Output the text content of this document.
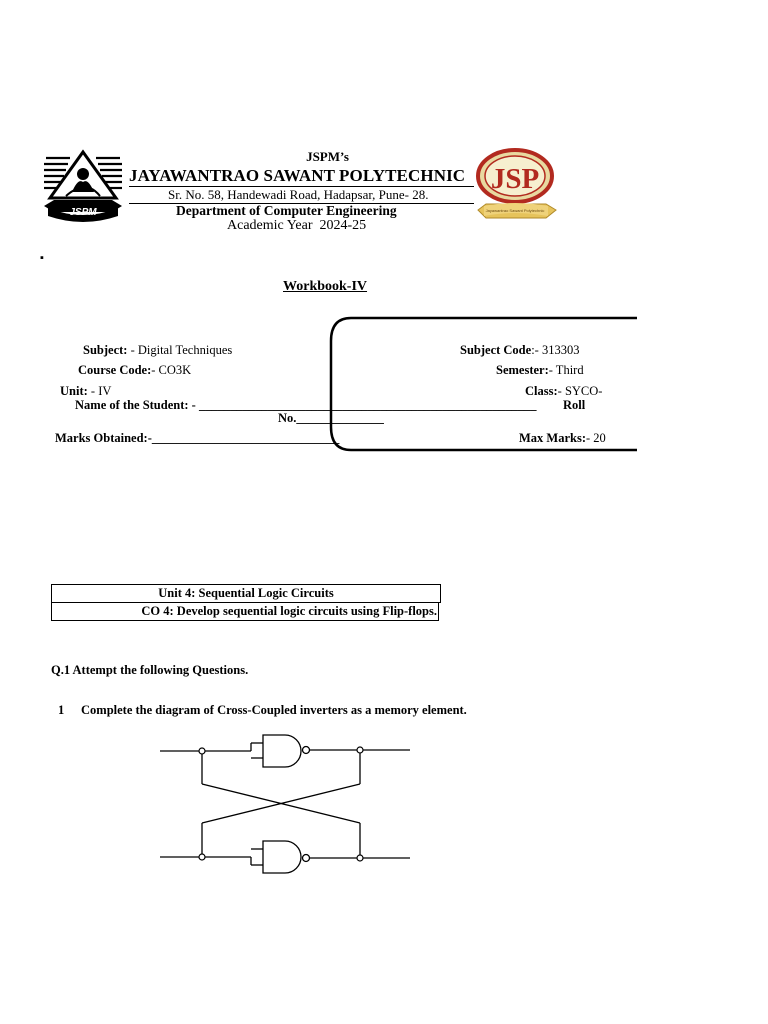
JSPM
JSPM’s
JAYAWANTRAO SAWANT POLYTECHNIC
Sr. No. 58, Handewadi Road, Hadapsar, Pune- 28.
Department of Computer Engineering
Academic Year  2024-25
JSP
Jayawantrao Sawant Polytechnic
▪
Workbook-IV
Subject: - Digital Techniques	Subject Code:- 313303
Course Code:- CO3K	Semester:- Third
Unit: - IV	Class:- SYCO-
Name of the Student: - ______________________________________________________ Roll
No.______________
Marks Obtained:-______________________________	Max Marks:- 20
Unit 4: Sequential Logic Circuits
CO 4: Develop sequential logic circuits using Flip-flops.
Q.1 Attempt the following Questions.
1 Complete the diagram of Cross-Coupled inverters as a memory element.
